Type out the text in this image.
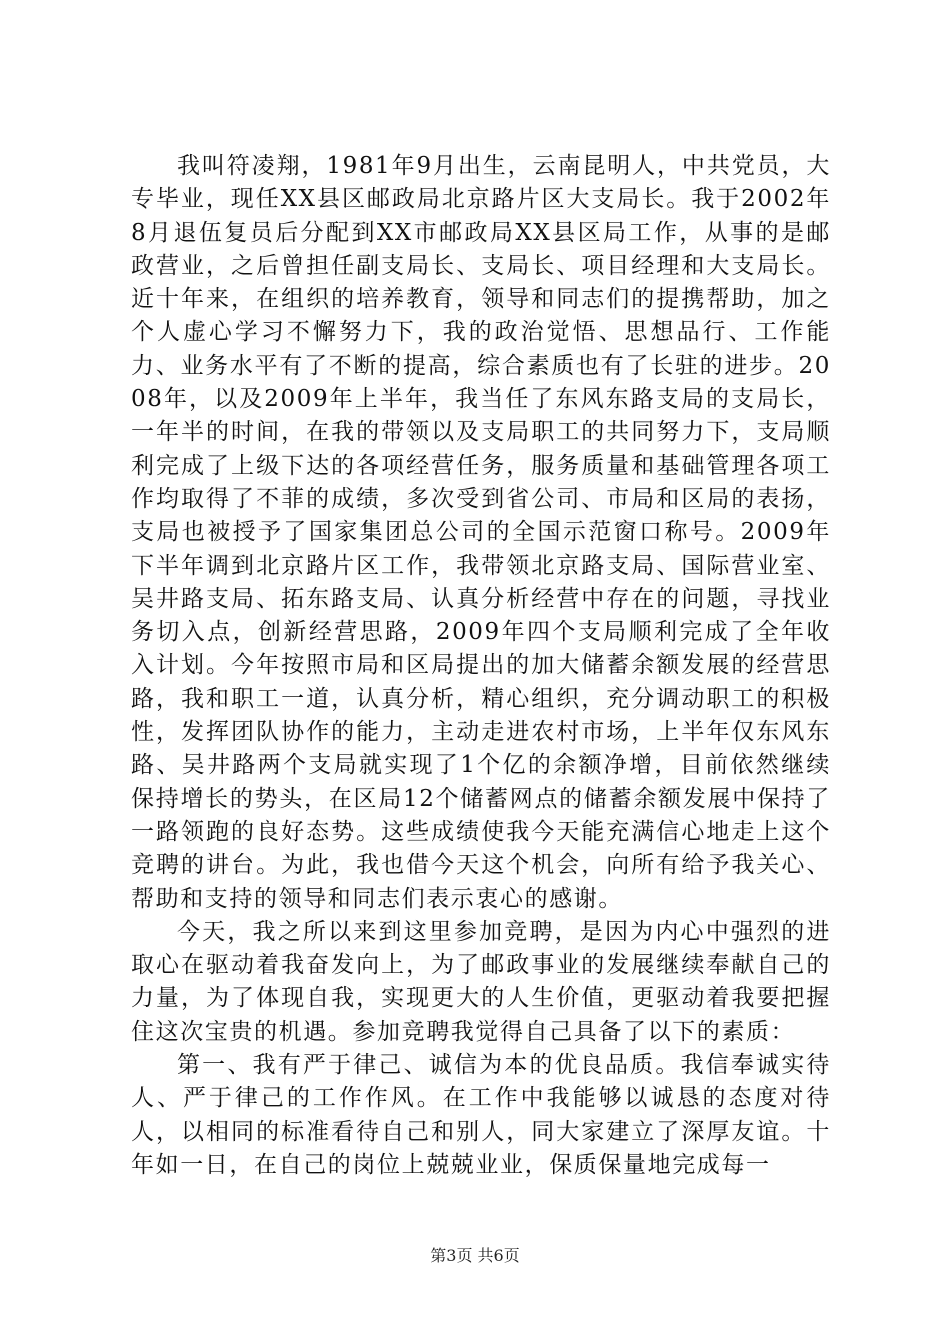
我叫符凌翔，1981年9月出生，云南昆明人，中共党员，大专毕业，现任XX县区邮政局北京路片区大支局长。我于2002年8月退伍复员后分配到XX市邮政局XX县区局工作，从事的是邮政营业，之后曾担任副支局长、支局长、项目经理和大支局长。近十年来，在组织的培养教育，领导和同志们的提携帮助，加之个人虚心学习不懈努力下，我的政治觉悟、思想品行、工作能力、业务水平有了不断的提高，综合素质也有了长驻的进步。2008年，以及2009年上半年，我当任了东风东路支局的支局长，一年半的时间，在我的带领以及支局职工的共同努力下，支局顺利完成了上级下达的各项经营任务，服务质量和基础管理各项工作均取得了不菲的成绩，多次受到省公司、市局和区局的表扬，支局也被授予了国家集团总公司的全国示范窗口称号。2009年下半年调到北京路片区工作，我带领北京路支局、国际营业室、吴井路支局、拓东路支局、认真分析经营中存在的问题，寻找业务切入点，创新经营思路，2009年四个支局顺利完成了全年收入计划。今年按照市局和区局提出的加大储蓄余额发展的经营思路，我和职工一道，认真分析，精心组织，充分调动职工的积极性，发挥团队协作的能力，主动走进农村市场，上半年仅东风东路、吴井路两个支局就实现了1个亿的余额净增，目前依然继续保持增长的势头，在区局12个储蓄网点的储蓄余额发展中保持了一路领跑的良好态势。这些成绩使我今天能充满信心地走上这个竞聘的讲台。为此，我也借今天这个机会，向所有给予我关心、帮助和支持的领导和同志们表示衷心的感谢。

今天，我之所以来到这里参加竞聘，是因为内心中强烈的进取心在驱动着我奋发向上，为了邮政事业的发展继续奉献自己的力量，为了体现自我，实现更大的人生价值，更驱动着我要把握住这次宝贵的机遇。参加竞聘我觉得自己具备了以下的素质：

第一、我有严于律己、诚信为本的优良品质。我信奉诚实待人、严于律己的工作作风。在工作中我能够以诚恳的态度对待人，以相同的标准看待自己和别人，同大家建立了深厚友谊。十年如一日，在自己的岗位上兢兢业业，保质保量地完成每一

第3页 共6页
